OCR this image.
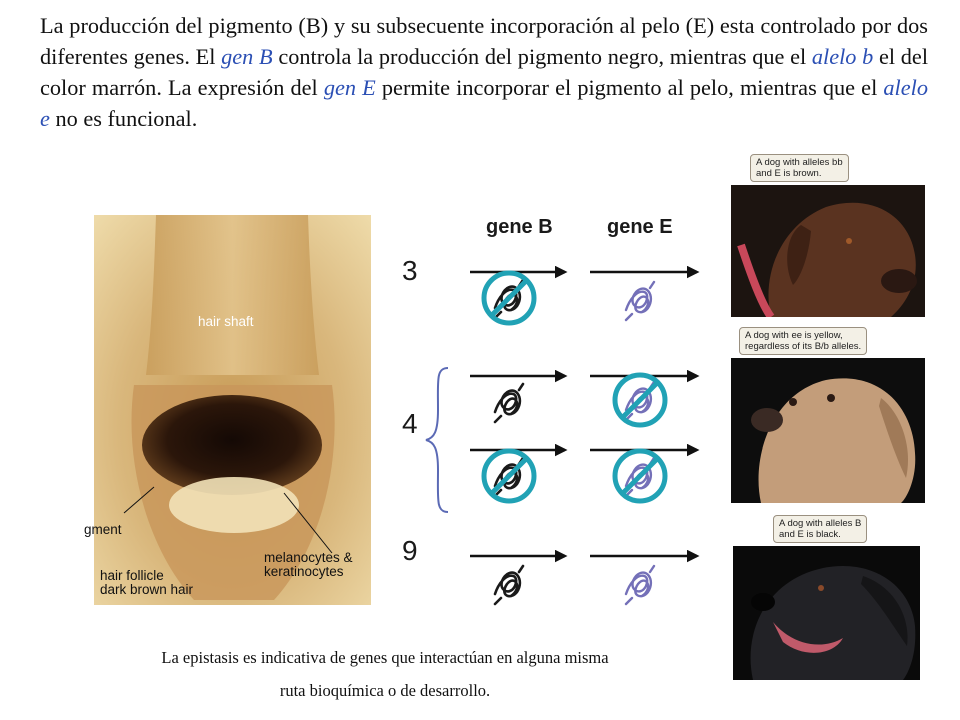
La producción del pigmento (B) y su subsecuente incorporación al pelo (E) esta controlado por dos diferentes genes. El gen B controla la producción del pigmento negro, mientras que el alelo b el del color marrón. La expresión del gen E permite incorporar el pigmento al pelo, mientras que el alelo e no es funcional.

hair shaft
gment
hair follicle
dark brown hair
melanocytes &
keratinocytes
gene B	gene E
3
4
9
A dog with alleles bb
and E is brown.
A dog with ee is yellow,
regardless of its B/b alleles.
A dog with alleles B
and E is black.
La epistasis es indicativa de genes que interactúan en alguna misma
ruta bioquímica o de desarrollo.
